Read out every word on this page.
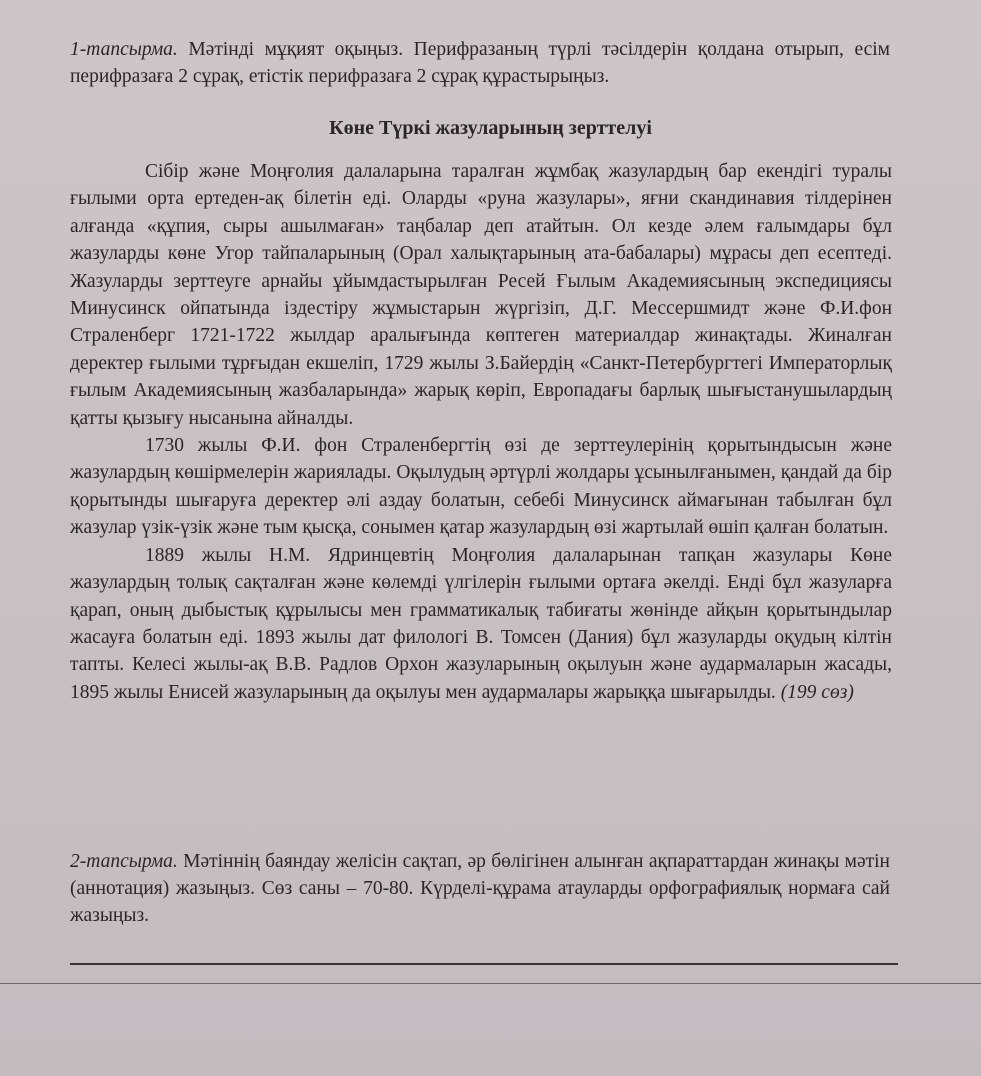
1-тапсырма. Мәтінді мұқият оқыңыз. Перифразаның түрлі тәсілдерін қолдана отырып, есім перифразаға 2 сұрақ, етістік перифразаға 2 сұрақ құрастырыңыз.
Көне Түркі жазуларының зерттелуі

Сібір және Моңғолия далаларына таралған жұмбақ жазулардың бар екендігі туралы ғылыми орта ертеден-ақ білетін еді. Оларды «руна жазулары», яғни скандинавия тілдерінен алғанда «құпия, сыры ашылмаған» таңбалар деп атайтын. Ол кезде әлем ғалымдары бұл жазуларды көне Угор тайпаларының (Орал халықтарының ата-бабалары) мұрасы деп есептеді. Жазуларды зерттеуге арнайы ұйымдастырылған Ресей Ғылым Академиясының экспедициясы Минусинск ойпатында іздестіру жұмыстарын жүргізіп, Д.Г. Мессершмидт және Ф.И.фон Страленберг 1721-1722 жылдар аралығында көптеген материалдар жинақтады. Жиналған деректер ғылыми тұрғыдан екшеліп, 1729 жылы З.Байердің «Санкт-Петербургтегі Императорлық ғылым Академиясының жазбаларында» жарық көріп, Европадағы барлық шығыстанушылардың қатты қызығу нысанына айналды.

1730 жылы Ф.И. фон Страленбергтің өзі де зерттеулерінің қорытындысын және жазулардың көшірмелерін жариялады. Оқылудың әртүрлі жолдары ұсынылғанымен, қандай да бір қорытынды шығаруға деректер әлі аздау болатын, себебі Минусинск аймағынан табылған бұл жазулар үзік-үзік және тым қысқа, сонымен қатар жазулардың өзі жартылай өшіп қалған болатын.

1889 жылы Н.М. Ядринцевтің Моңғолия далаларынан тапқан жазулары Көне жазулардың толық сақталған және көлемді үлгілерін ғылыми ортаға әкелді. Енді бұл жазуларға қарап, оның дыбыстық құрылысы мен грамматикалық табиғаты жөнінде айқын қорытындылар жасауға болатын еді. 1893 жылы дат филологі В. Томсен (Дания) бұл жазуларды оқудың кілтін тапты. Келесі жылы-ақ В.В. Радлов Орхон жазуларының оқылуын және аудармаларын жасады, 1895 жылы Енисей жазуларының да оқылуы мен аудармалары жарыққа шығарылды. (199 сөз)

2-тапсырма. Мәтіннің баяндау желісін сақтап, әр бөлігінен алынған ақпараттардан жинақы мәтін (аннотация) жазыңыз. Сөз саны – 70-80. Күрделі-құрама атауларды орфографиялық нормаға сай жазыңыз.
